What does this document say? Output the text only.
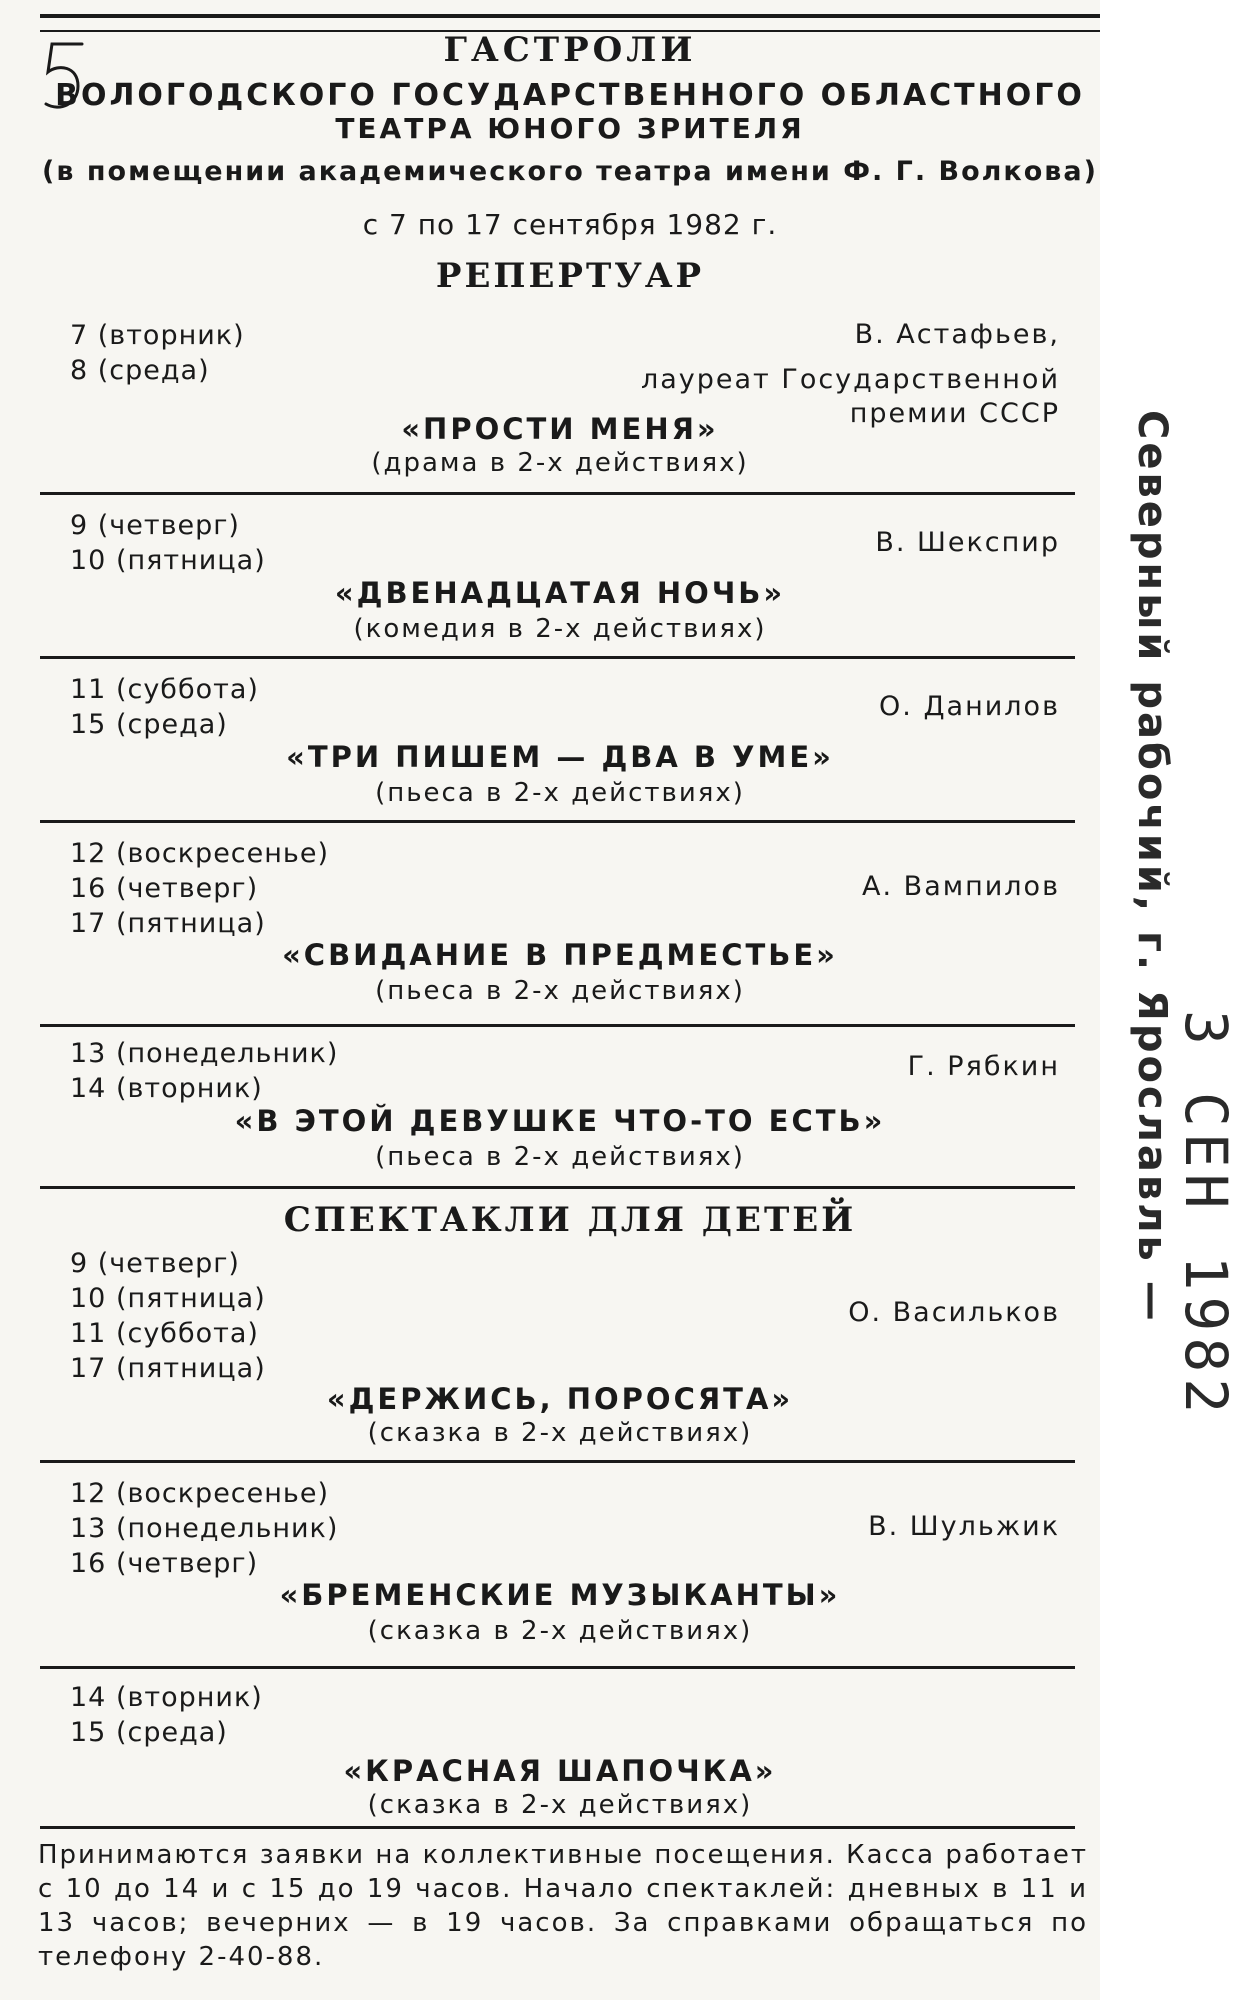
ГАСТРОЛИ
ВОЛОГОДСКОГО ГОСУДАРСТВЕННОГО ОБЛАСТНОГО
ТЕАТРА ЮНОГО ЗРИТЕЛЯ
(в помещении академического театра имени Ф. Г. Волкова)
с 7 по 17 сентября 1982 г.
РЕПЕРТУАР
7 (вторник)
8 (среда)
В. Астафьев,
лауреат Государственной
премии СССР
«ПРОСТИ МЕНЯ»
(драма в 2-х действиях)
9 (четверг)
10 (пятница)
В. Шекспир
«ДВЕНАДЦАТАЯ НОЧЬ»
(комедия в 2-х действиях)
11 (суббота)
15 (среда)
О. Данилов
«ТРИ ПИШЕМ — ДВА В УМЕ»
(пьеса в 2-х действиях)
12 (воскресенье)
16 (четверг)
17 (пятница)
А. Вампилов
«СВИДАНИЕ В ПРЕДМЕСТЬЕ»
(пьеса в 2-х действиях)
13 (понедельник)
14 (вторник)
Г. Рябкин
«В ЭТОЙ ДЕВУШКЕ ЧТО-ТО ЕСТЬ»
(пьеса в 2-х действиях)
СПЕКТАКЛИ ДЛЯ ДЕТЕЙ
9 (четверг)
10 (пятница)
11 (суббота)
17 (пятница)
О. Васильков
«ДЕРЖИСЬ, ПОРОСЯТА»
(сказка в 2-х действиях)
12 (воскресенье)
13 (понедельник)
16 (четверг)
В. Шульжик
«БРЕМЕНСКИЕ МУЗЫКАНТЫ»
(сказка в 2-х действиях)
14 (вторник)
15 (среда)
«КРАСНАЯ ШАПОЧКА»
(сказка в 2-х действиях)
Принимаются заявки на коллективные посещения. Касса работает с 10 до 14 и с 15 до 19 часов. Начало спектаклей: дневных в 11 и 13 часов; вечерних — в 19 часов. За справками обращаться по телефону 2-40-88.
Северный рабочий, г. Ярославль —
3 СЕН 1982
